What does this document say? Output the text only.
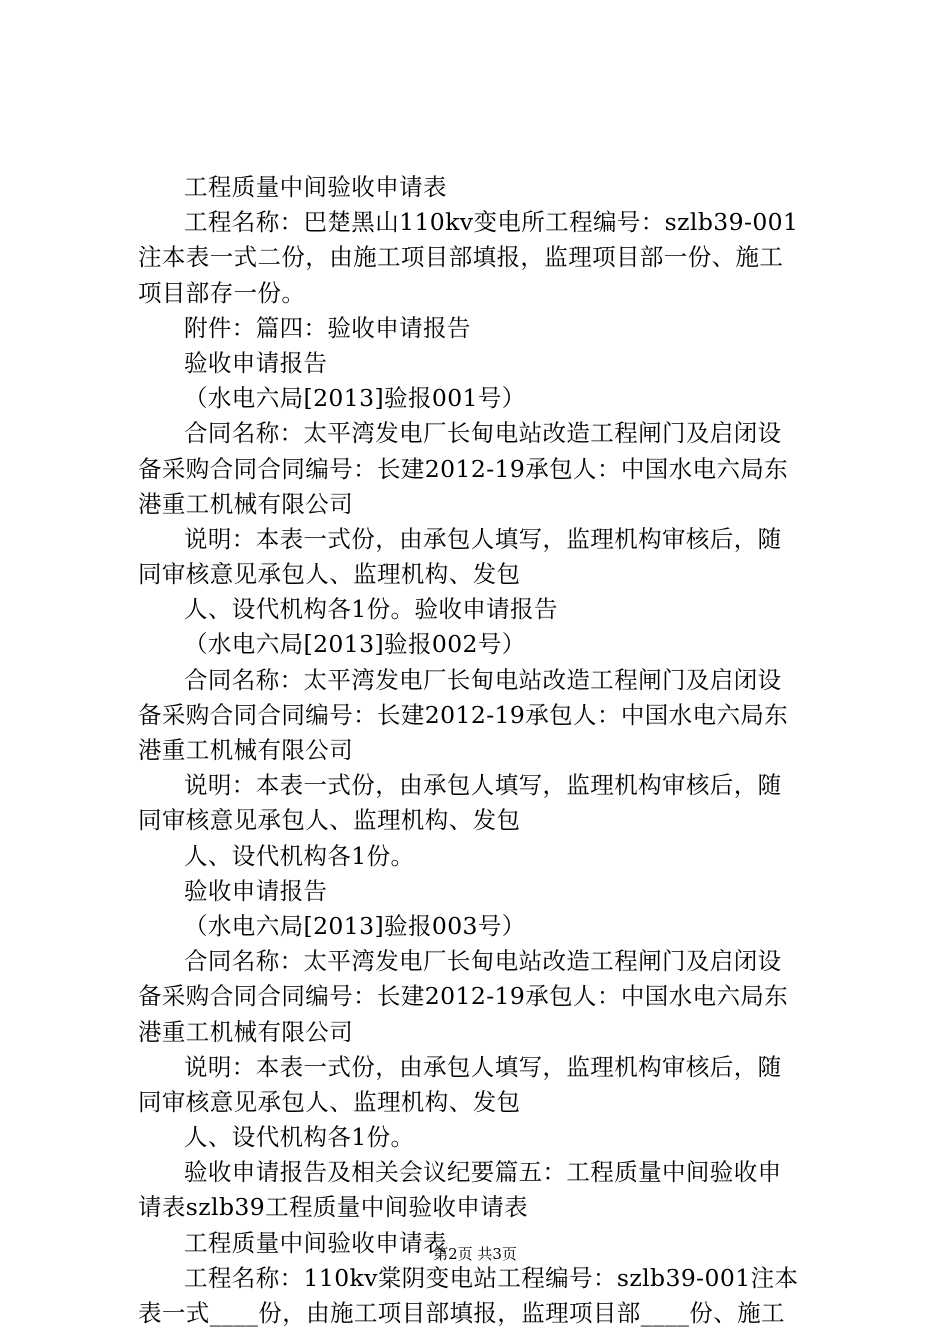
工程质量中间验收申请表
工程名称：巴楚黑山110kv变电所工程编号：szlb39-001
注本表一式二份，由施工项目部填报，监理项目部一份、施工
项目部存一份。
附件：篇四：验收申请报告
验收申请报告
（水电六局[2013]验报001号）
合同名称：太平湾发电厂长甸电站改造工程闸门及启闭设
备采购合同合同编号：长建2012-19承包人：中国水电六局东
港重工机械有限公司
说明：本表一式份，由承包人填写，监理机构审核后，随
同审核意见承包人、监理机构、发包
人、设代机构各1份。验收申请报告
（水电六局[2013]验报002号）
合同名称：太平湾发电厂长甸电站改造工程闸门及启闭设
备采购合同合同编号：长建2012-19承包人：中国水电六局东
港重工机械有限公司
说明：本表一式份，由承包人填写，监理机构审核后，随
同审核意见承包人、监理机构、发包
人、设代机构各1份。
验收申请报告
（水电六局[2013]验报003号）
合同名称：太平湾发电厂长甸电站改造工程闸门及启闭设
备采购合同合同编号：长建2012-19承包人：中国水电六局东
港重工机械有限公司
说明：本表一式份，由承包人填写，监理机构审核后，随
同审核意见承包人、监理机构、发包
人、设代机构各1份。
验收申请报告及相关会议纪要篇五：工程质量中间验收申
请表szlb39工程质量中间验收申请表
工程质量中间验收申请表
工程名称：110kv棠阴变电站工程编号：szlb39-001注本
表一式____份，由施工项目部填报，监理项目部____份、施工
第2页 共3页
